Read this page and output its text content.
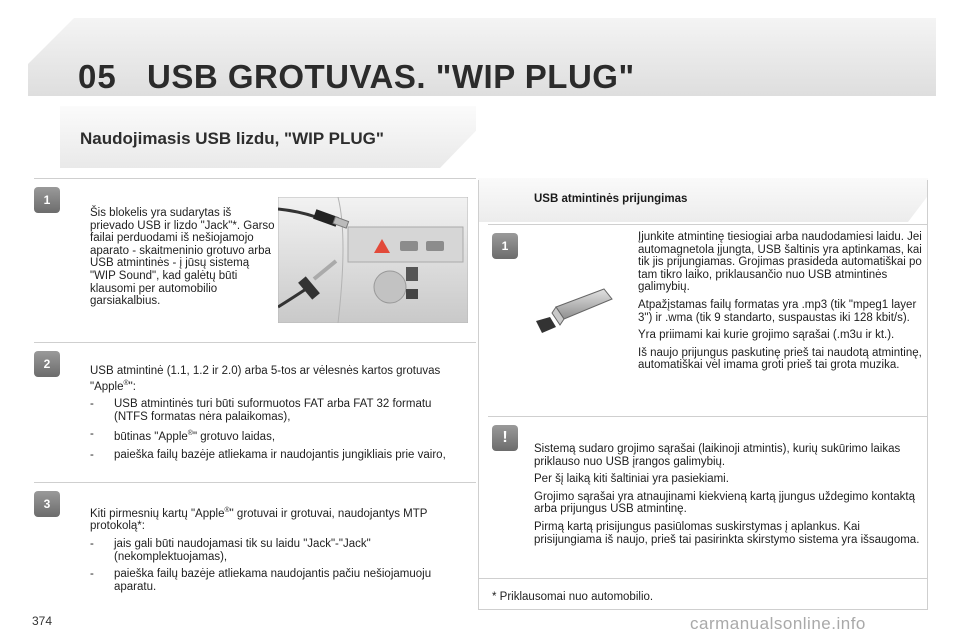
05 USB GROTUVAS. "WIP PLUG"
Naudojimasis USB lizdu, "WIP PLUG"
1
Šis blokelis yra sudarytas iš prievado USB ir lizdo "Jack"*. Garso failai perduodami iš nešiojamojo aparato - skaitmeninio grotuvo arba USB atmintinės - į jūsų sistemą "WIP Sound", kad galėtų būti klausomi per automobilio garsiakalbius.
2	USB atmintinė (1.1, 1.2 ir 2.0) arba 5-tos ar vėlesnės kartos grotuvas "Apple®":

- USB atmintinės turi būti suformuotos FAT arba FAT 32 formatu (NTFS formatas nėra palaikomas),
- būtinas "Apple®" grotuvo laidas,
- paieška failų bazėje atliekama ir naudojantis jungikliais prie vairo,
3

Kiti pirmesnių kartų "Apple®" grotuvai ir grotuvai, naudojantys MTP protokolą*:

- jais gali būti naudojamasi tik su laidu "Jack"-"Jack" (nekomplektuojamas),
- paieška failų bazėje atliekama naudojantis pačiu nešiojamuoju aparatu.
USB atmintinės prijungimas
1

Įjunkite atmintinę tiesiogiai arba naudodamiesi laidu. Jei automagnetola įjungta, USB šaltinis yra aptinkamas, kai tik jis prijungiamas. Grojimas prasideda automatiškai po tam tikro laiko, priklausančio nuo USB atmintinės galimybių.

Atpažįstamas failų formatas yra .mp3 (tik "mpeg1 layer 3") ir .wma (tik 9 standarto, suspaustas iki 128 kbit/s).

Yra priimami kai kurie grojimo sąrašai (.m3u ir kt.).

Iš naujo prijungus paskutinę prieš tai naudotą atmintinę, automatiškai vėl imama groti prieš tai grota muzika.

!

Sistemą sudaro grojimo sąrašai (laikinoji atmintis), kurių sukūrimo laikas priklauso nuo USB įrangos galimybių.

Per šį laiką kiti šaltiniai yra pasiekiami.

Grojimo sąrašai yra atnaujinami kiekvieną kartą įjungus uždegimo kontaktą arba prijungus USB atmintinę.

Pirmą kartą prisijungus pasiūlomas suskirstymas į aplankus. Kai prisijungiama iš naujo, prieš tai pasirinkta skirstymo sistema yra išsaugoma.

* Priklausomai nuo automobilio.
374	carmanualsonline.info
